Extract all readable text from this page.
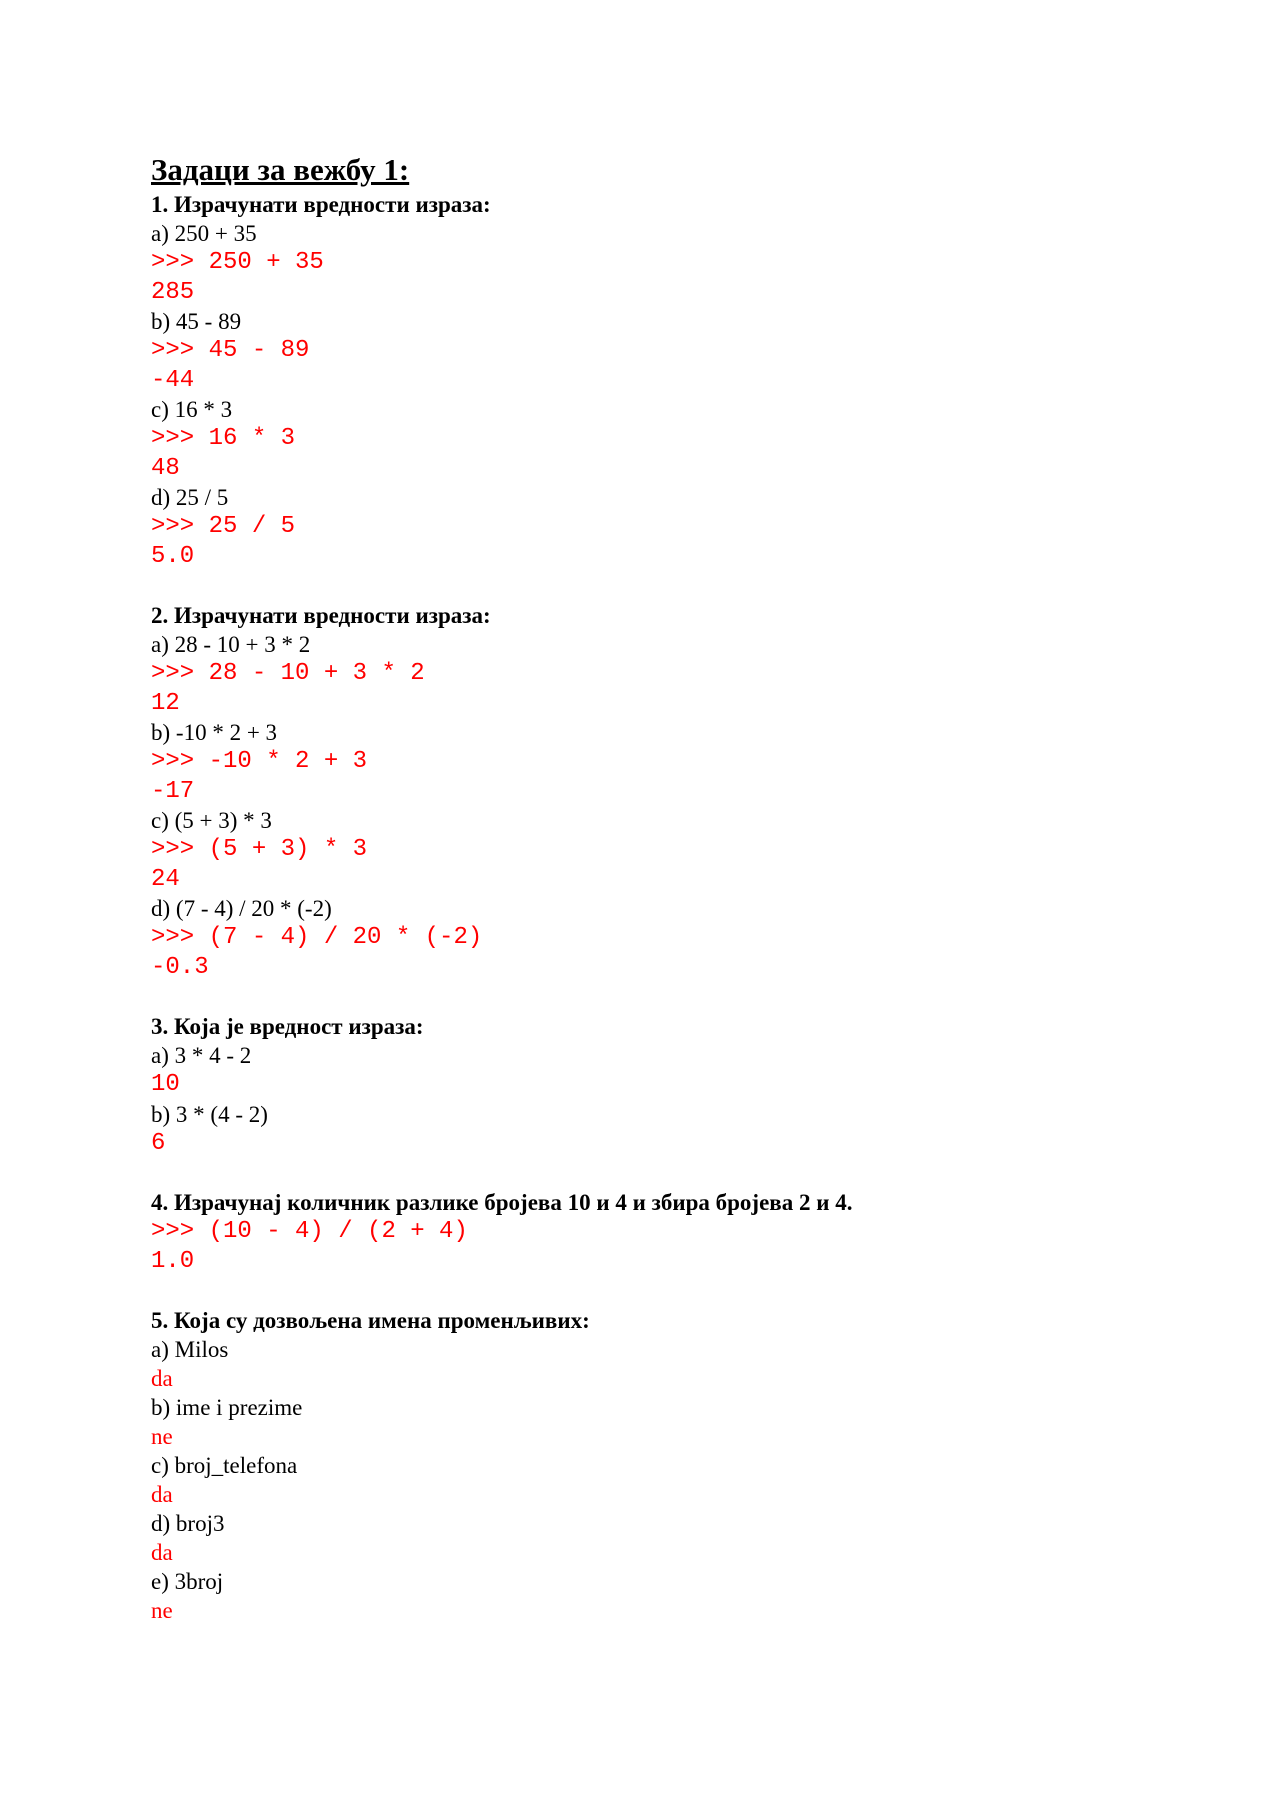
Задаци за вежбу 1:
1. Израчунати вредности израза:
a) 250 + 35
>>> 250 + 35
285
b) 45 - 89
>>> 45 - 89
-44
c) 16 * 3
>>> 16 * 3
48
d) 25 / 5
>>> 25 / 5
5.0
2. Израчунати вредности израза:
a) 28 - 10 + 3 * 2
>>> 28 - 10 + 3 * 2
12
b) -10 * 2 + 3
>>> -10 * 2 + 3
-17
c) (5 + 3) * 3
>>> (5 + 3) * 3
24
d) (7 - 4) / 20 * (-2)
>>> (7 - 4) / 20 * (-2)
-0.3
3. Која је вредност израза:
a) 3 * 4 - 2
10
b) 3 * (4 - 2)
6
4. Израчунај количник разлике бројева 10 и 4 и збира бројева 2 и 4.
>>> (10 - 4) / (2 + 4)
1.0
5. Која су дозвољена имена променљивих:
a) Milos
da
b) ime i prezime
ne
c) broj_telefona
da
d) broj3
da
e) 3broj
ne
